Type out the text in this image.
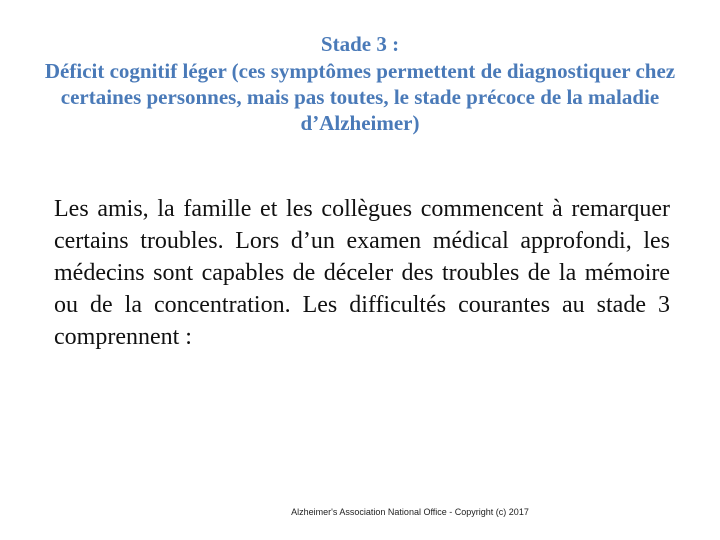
Stade 3 :
Déficit cognitif léger (ces symptômes permettent de diagnostiquer chez certaines personnes, mais pas toutes, le stade précoce de la maladie d’Alzheimer)
Les amis, la famille et les collègues commencent à remarquer certains troubles. Lors d’un examen médical approfondi, les médecins sont capables de déceler des troubles de la mémoire ou de la concentration. Les difficultés courantes au stade 3 comprennent :
Alzheimer's Association National Office - Copyright (c) 2017
